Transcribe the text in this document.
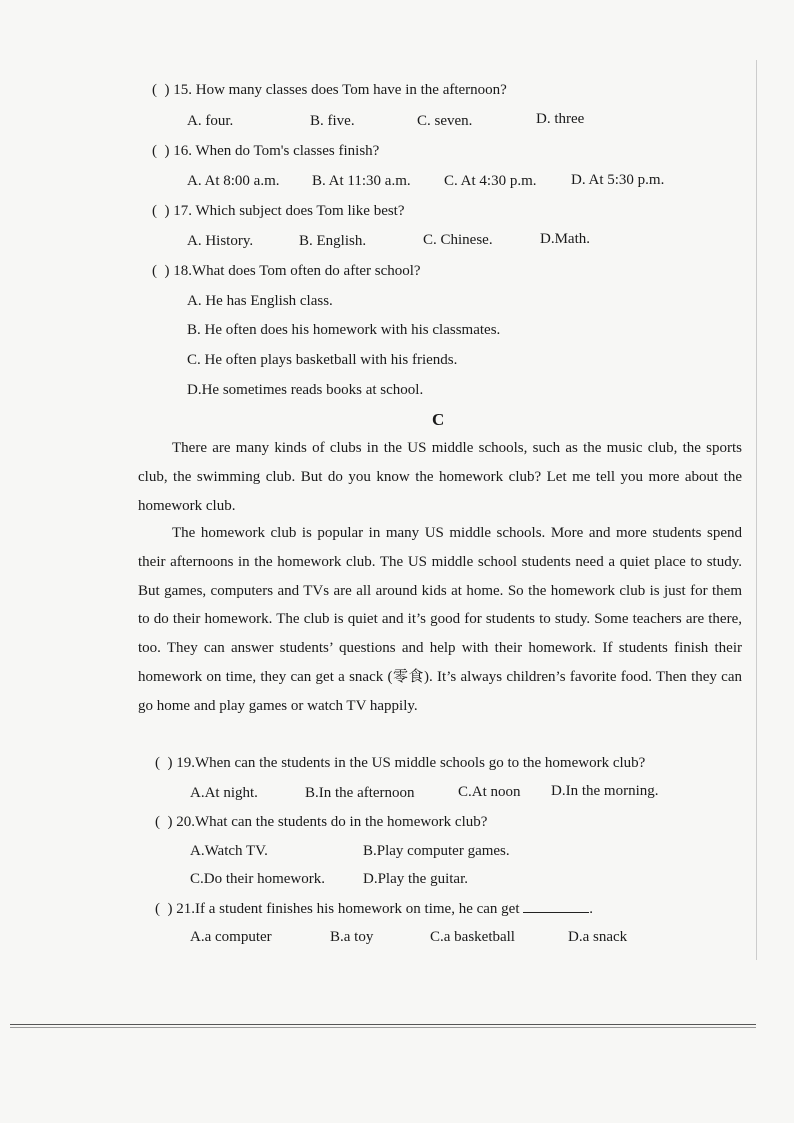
(  ) 15. How many classes does Tom have in the afternoon?
A. four.	B. five.	C. seven.	D. three
(  ) 16. When do Tom's classes finish?
A. At 8:00 a.m. B. At 11:30 a.m. C. At 4:30 p.m. D. At 5:30 p.m.
(  ) 17. Which subject does Tom like best?
A. History.	B. English.	C. Chinese.	D.Math.
(  ) 18.What does Tom often do after school?
A. He has English class.
B. He often does his homework with his classmates.
C. He often plays basketball with his friends.
D.He sometimes reads books at school.
C
There are many kinds of clubs in the US middle schools, such as the music club, the sports club, the swimming club. But do you know the homework club? Let me tell you more about the homework club.
The homework club is popular in many US middle schools. More and more students spend their afternoons in the homework club. The US middle school students need a quiet place to study. But games, computers and TVs are all around kids at home. So the homework club is just for them to do their homework. The club is quiet and it’s good for students to study. Some teachers are there, too. They can answer students’ questions and help with their homework. If students finish their homework on time, they can get a snack (零食). It’s always children’s favorite food. Then they can go home and play games or watch TV happily.
(  ) 19.When can the students in the US middle schools go to the homework club?
A.At night.	B.In the afternoon	C.At noon D.In the morning.
(  ) 20.What can the students do in the homework club?
A.Watch TV.	B.Play computer games.
C.Do their homework.	D.Play the guitar.
(  ) 21.If a student finishes his homework on time, he can get	.
A.a computer	B.a toy	C.a basketball	D.a snack
